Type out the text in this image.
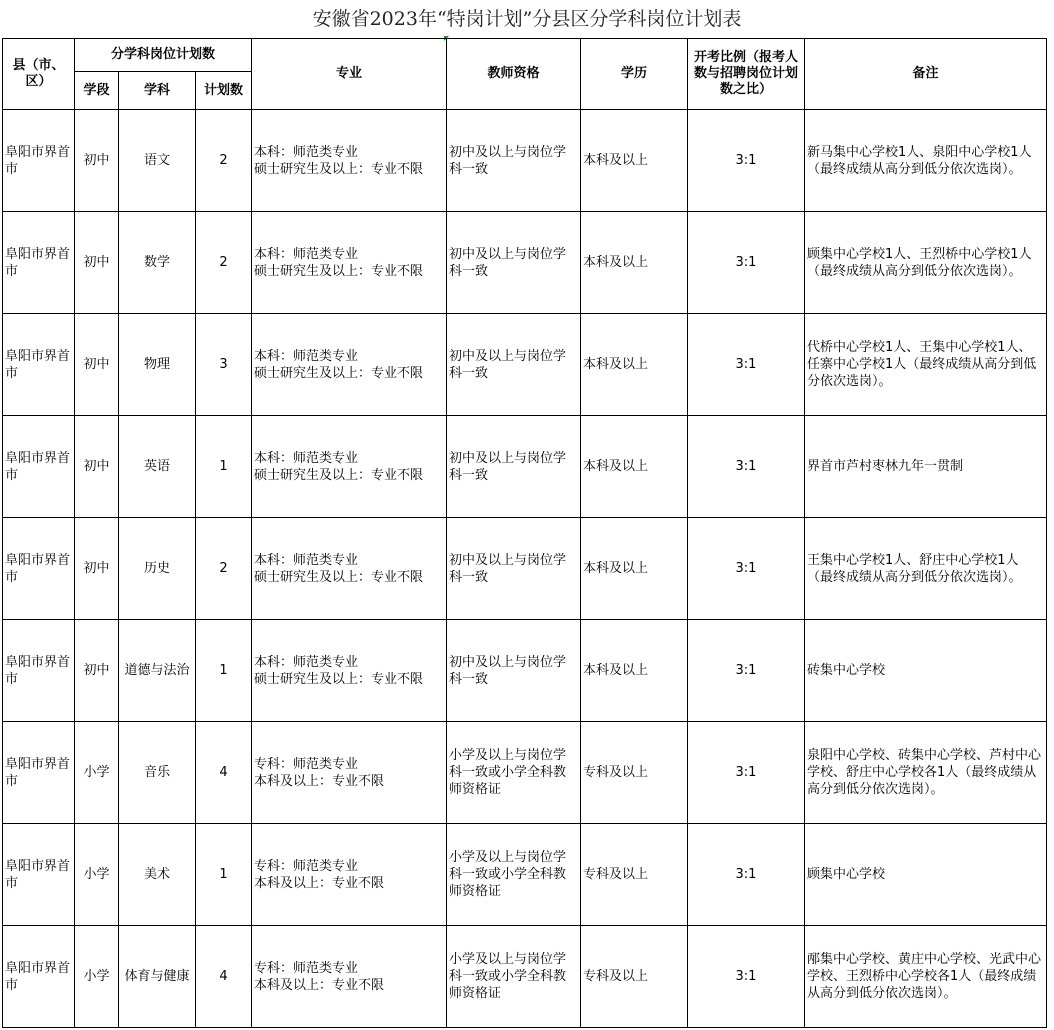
安徽省2023年“特岗计划”分县区分学科岗位计划表
县（市、区）	分学科岗位计划数			专业	教师资格	学历	开考比例（报考人数与招聘岗位计划数之比）	备注
	学段	学科	计划数					
阜阳市界首市	初中	语文	2	本科：师范类专业
硕士研究生及以上：专业不限	初中及以上与岗位学科一致	本科及以上	3:1	新马集中心学校1人、泉阳中心学校1人（最终成绩从高分到低分依次选岗）。
阜阳市界首市	初中	数学	2	本科：师范类专业
硕士研究生及以上：专业不限	初中及以上与岗位学科一致	本科及以上	3:1	顾集中心学校1人、王烈桥中心学校1人（最终成绩从高分到低分依次选岗）。
阜阳市界首市	初中	物理	3	本科：师范类专业
硕士研究生及以上：专业不限	初中及以上与岗位学科一致	本科及以上	3:1	代桥中心学校1人、王集中心学校1人、任寨中心学校1人（最终成绩从高分到低分依次选岗）。
阜阳市界首市	初中	英语	1	本科：师范类专业
硕士研究生及以上：专业不限	初中及以上与岗位学科一致	本科及以上	3:1	界首市芦村枣林九年一贯制
阜阳市界首市	初中	历史	2	本科：师范类专业
硕士研究生及以上：专业不限	初中及以上与岗位学科一致	本科及以上	3:1	王集中心学校1人、舒庄中心学校1人（最终成绩从高分到低分依次选岗）。
阜阳市界首市	初中	道德与法治	1	本科：师范类专业
硕士研究生及以上：专业不限	初中及以上与岗位学科一致	本科及以上	3:1	砖集中心学校
阜阳市界首市	小学	音乐	4	专科：师范类专业
本科及以上：专业不限	小学及以上与岗位学科一致或小学全科教师资格证	专科及以上	3:1	泉阳中心学校、砖集中心学校、芦村中心学校、舒庄中心学校各1人（最终成绩从高分到低分依次选岗）。
阜阳市界首市	小学	美术	1	专科：师范类专业
本科及以上：专业不限	小学及以上与岗位学科一致或小学全科教师资格证	专科及以上	3:1	顾集中心学校
阜阳市界首市	小学	体育与健康	4	专科：师范类专业
本科及以上：专业不限	小学及以上与岗位学科一致或小学全科教师资格证	专科及以上	3:1	邴集中心学校、黄庄中心学校、光武中心学校、王烈桥中心学校各1人（最终成绩从高分到低分依次选岗）。
